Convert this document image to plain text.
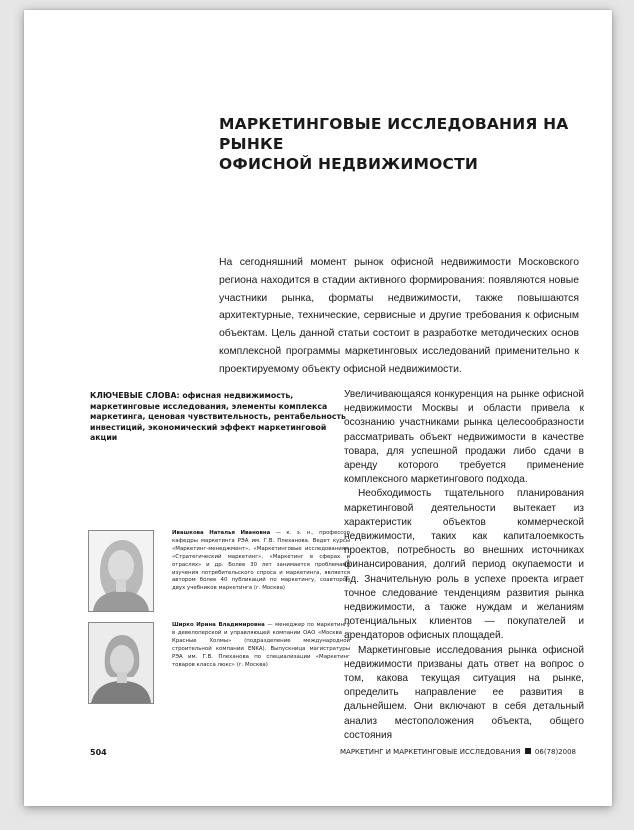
МАРКЕТИНГОВЫЕ ИССЛЕДОВАНИЯ НА РЫНКЕ
ОФИСНОЙ НЕДВИЖИМОСТИ

На сегодняшний момент рынок офисной недвижимости Московского региона находится в стадии активного формирования: появляются новые участники рынка, форматы недвижимости, также повышаются архитектурные, технические, сервисные и другие требования к офисным объектам. Цель данной статьи состоит в разработке методических основ комплексной программы маркетинговых исследований применительно к проектируемому объекту офисной недвижимости.

КЛЮЧЕВЫЕ СЛОВА: офисная недвижимость, маркетинговые исследования, элементы комплекса маркетинга, ценовая чувствительность, рентабельность инвестиций, экономический эффект маркетинговой акции

Увеличивающаяся конкуренция на рынке офисной недвижимости Москвы и области привела к осознанию участниками рынка целесообразности рассматривать объект недвижимости в качестве товара, для успешной продажи либо сдачи в аренду которого требуется применение комплексного маркетингового подхода.

Необходимость тщательного планирования маркетинговой деятельности вытекает из характеристик объектов коммерческой недвижимости, таких как капиталоемкость проектов, потребность во внешних источниках финансирования, долгий период окупаемости и т.д. Значительную роль в успехе проекта играет точное следование тенденциям развития рынка недвижимости, а также нуждам и желаниям потенциальных клиентов — покупателей и арендаторов офисных площадей.

Маркетинговые исследования рынка офисной недвижимости призваны дать ответ на вопрос о том, какова текущая ситуация на рынке, определить направление ее развития в дальнейшем. Они включают в себя детальный анализ местоположения объекта, общего состояния

Ивашкова Наталья Ивановна — к. э. н., профессор кафедры маркетинга РЭА им. Г.В. Плеханова. Ведет курсы «Маркетинг-менеджмент», «Маркетинговые исследования», «Стратегический маркетинг», «Маркетинг в сферах и отраслях» и др. Более 30 лет занимается проблемами изучения потребительского спроса и маркетинга, является автором более 40 публикаций по маркетингу, соавтором двух учебников маркетинга (г. Москва)

Ширко Ирина Владимировна — менеджер по маркетингу в девелоперской и управляющей компании ОАО «Москва — Красные Холмы» (подразделение международной строительной компании ENKA). Выпускница магистратуры РЭА им. Г.В. Плеханова по специализации «Маркетинг товаров класса люкс» (г. Москва)

504	МАРКЕТИНГ И МАРКЕТИНГОВЫЕ ИССЛЕДОВАНИЯ 06(78)2008
